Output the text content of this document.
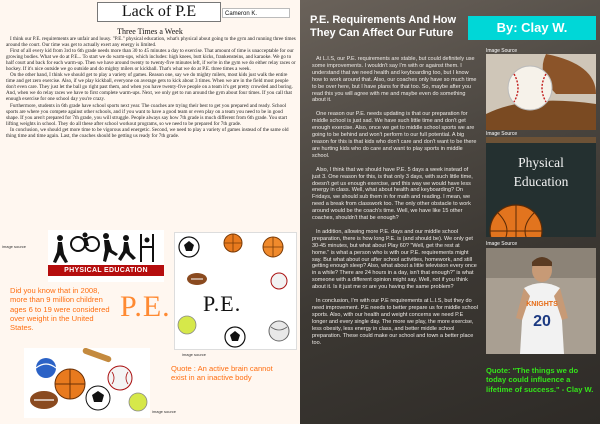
Lack of P.E	Cameron K.
Three Times a Week

I think our P.E. requirements are unfair and lousy. "P.E." physical education, what's physical about going to the gym and running three times around the court. Our time was get to actually exert any energy is limited.

First of all every kid from 3rd to 6th grade needs more than 30 to 45 minutes a day to exercise. That amount of time is unacceptable for our growing bodies. What we do at P.E... To start we do warm-ups, which includes: high knees, butt kicks, frankensteins, and karaoke. We go to half court and back for each warm-up. Then we have around twenty to twenty-five minutes left, if we're in the gym we do either relay races or hockey. If it's nice outside we go outside and do mighty milers or kickball. That's what we do at P.E. three times a week.

On the other hand, I think we should get to play a variety of games. Reason one, say we do mighty milers, most kids just walk the entire time and get zero exercise. Also, if we play kickball, everyone on average gets to kick about 3 times. When we are in the field most people don't even care. They just let the ball go right past them, and when you have twenty-five people on a team it's get pretty crowded and boring. And, when we do relay races we have to first complete warm-ups. Next, we only get to run around the gym about four times. If you call that enough exercise for one school day you're crazy.

Furthermore, students in 6th grade have school sports next year. The coaches are trying their best to get you prepared and ready. School sports are where you compete against other schools, and if you want to have a good team or even play on a team you need to be in good shape. If you aren't prepared for 7th grade, you will struggle. People always say how 7th grade is much different from 6th grade. You start lifting weights in school. They do all these after school workout programs, so we need to be prepared for 7th grade.

In conclusion, we should get more time to be vigorous and energetic. Second, we need to play a variety of games instead of the same old thing time and time again. Last, the coaches should be getting us ready for 7th grade.

PHYSICAL EDUCATION
image source
P.E.
image source
Did you know that in 2008, more than 9 million children ages 6 to 19 were considered over weight in the United States.
P.E.
image source
Quote : An active brain cannot exist in an inactive body
P.E. Requirements And How They Can Affect Our Future	By: Clay W.

At L.I.S, our P.E. requirements are stable, but could definitely use some improvements. I wouldn't say I'm with or against them. I understand that we need health and keyboarding too, but I know how to work around that. Also, our coaches only have so much time to be over here, but I have plans for that too. So, maybe after you read this you will agree with me and maybe even do something about it.

One reason our P.E. needs updating is that our preparation for middle school is just sad. We have such little time and don't get enough exercise. Also, once we get to middle school sports we are going to be behind and won't perform to our full potential. A big reason for this is that kids who don't care and don't want to be there are hurting kids who do care and want to play sports in middle school.

Also, I think that we should have P.E. 5 days a week instead of just 3. One reason for this, is that only 3 days, with such little time, doesn't get us enough exercise, and this way we would have less energy in class. Well, what about health and keyboarding? On Fridays, we should sub them in for math and reading. I mean, we need a break from classwork too. The only other obstacle to work around would be the coach's time. Well, we have like 15 other coaches, shouldn't that be enough?

In addition, allowing more P.E. days and our middle school preparation, there is how long P.E. is (and should be). We only get 30-45 minutes, but what about Play 60? "Well, get the rest at home." is what a person who is with our P.E. requirements might say. But what about our after school activities, homework, and still getting enough sleep? Also, what about a little television every once in a while? There are 24 hours in a day, isn't that enough?" is what someone with a different opinion might say. Well, not if you think about it. Is it just me or are you having the same problem?

In conclusion, I'm with our P.E requirements at L.I.S, but they do need improvement. P.E needs to better prepare us for middle school sports. Also, with our health and weight concerns we need P.E longer and every single day. The more we play, the more exercise, less obesity, less energy in class, and better middle school preparation. These could make our school and town a better place too.

Image Source
Image Source
Physical
Education
Image Source
KNIGHTS
20
Quote: "The things we do today could influence a lifetime of success." - Clay W.
